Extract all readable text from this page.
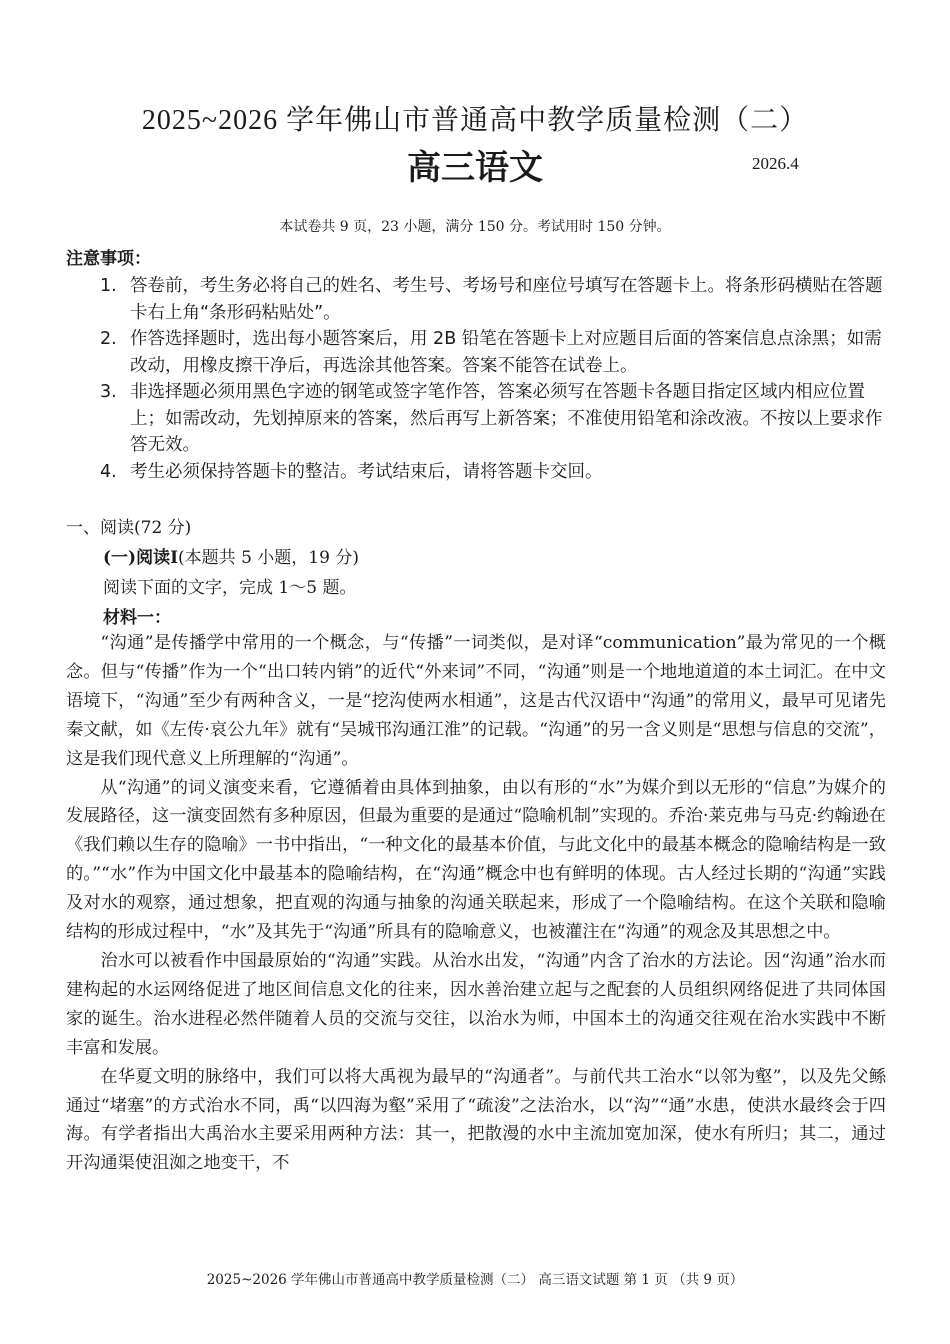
2025~2026 学年佛山市普通高中教学质量检测（二）
高三语文	2026.4
本试卷共 9 页，23 小题，满分 150 分。考试用时 150 分钟。
注意事项：
1. 答卷前，考生务必将自己的姓名、考生号、考场号和座位号填写在答题卡上。将条形码横贴在答题卡右上角“条形码粘贴处”。
2. 作答选择题时，选出每小题答案后，用 2B 铅笔在答题卡上对应题目后面的答案信息点涂黑；如需改动，用橡皮擦干净后，再选涂其他答案。答案不能答在试卷上。
3. 非选择题必须用黑色字迹的钢笔或签字笔作答，答案必须写在答题卡各题目指定区域内相应位置上；如需改动，先划掉原来的答案，然后再写上新答案；不准使用铅笔和涂改液。不按以上要求作答无效。
4. 考生必须保持答题卡的整洁。考试结束后，请将答题卡交回。
一、阅读(72 分)
(一)阅读Ⅰ(本题共 5 小题，19 分)
阅读下面的文字，完成 1～5 题。
材料一：

“沟通”是传播学中常用的一个概念，与“传播”一词类似，是对译“communication”最为常见的一个概念。但与“传播”作为一个“出口转内销”的近代“外来词”不同，“沟通”则是一个地地道道的本土词汇。在中文语境下，“沟通”至少有两种含义，一是“挖沟使两水相通”，这是古代汉语中“沟通”的常用义，最早可见诸先秦文献，如《左传·哀公九年》就有“吴城邗沟通江淮”的记载。“沟通”的另一含义则是“思想与信息的交流”，这是我们现代意义上所理解的“沟通”。

从“沟通”的词义演变来看，它遵循着由具体到抽象，由以有形的“水”为媒介到以无形的“信息”为媒介的发展路径，这一演变固然有多种原因，但最为重要的是通过“隐喻机制”实现的。乔治·莱克弗与马克·约翰逊在《我们赖以生存的隐喻》一书中指出，“一种文化的最基本价值，与此文化中的最基本概念的隐喻结构是一致的。”“水”作为中国文化中最基本的隐喻结构，在“沟通”概念中也有鲜明的体现。古人经过长期的“沟通”实践及对水的观察，通过想象，把直观的沟通与抽象的沟通关联起来，形成了一个隐喻结构。在这个关联和隐喻结构的形成过程中，“水”及其先于“沟通”所具有的隐喻意义，也被灌注在“沟通”的观念及其思想之中。

治水可以被看作中国最原始的“沟通”实践。从治水出发，“沟通”内含了治水的方法论。因“沟通”治水而建构起的水运网络促进了地区间信息文化的往来，因水善治建立起与之配套的人员组织网络促进了共同体国家的诞生。治水进程必然伴随着人员的交流与交往，以治水为师，中国本土的沟通交往观在治水实践中不断丰富和发展。

在华夏文明的脉络中，我们可以将大禹视为最早的“沟通者”。与前代共工治水“以邻为壑”，以及先父鲧通过“堵塞”的方式治水不同，禹“以四海为壑”采用了“疏浚”之法治水，以“沟”“通”水患，使洪水最终会于四海。有学者指出大禹治水主要采用两种方法：其一，把散漫的水中主流加宽加深，使水有所归；其二，通过开沟通渠使沮洳之地变干，不

2025~2026 学年佛山市普通高中教学质量检测（二） 高三语文试题 第 1 页 （共 9 页）
